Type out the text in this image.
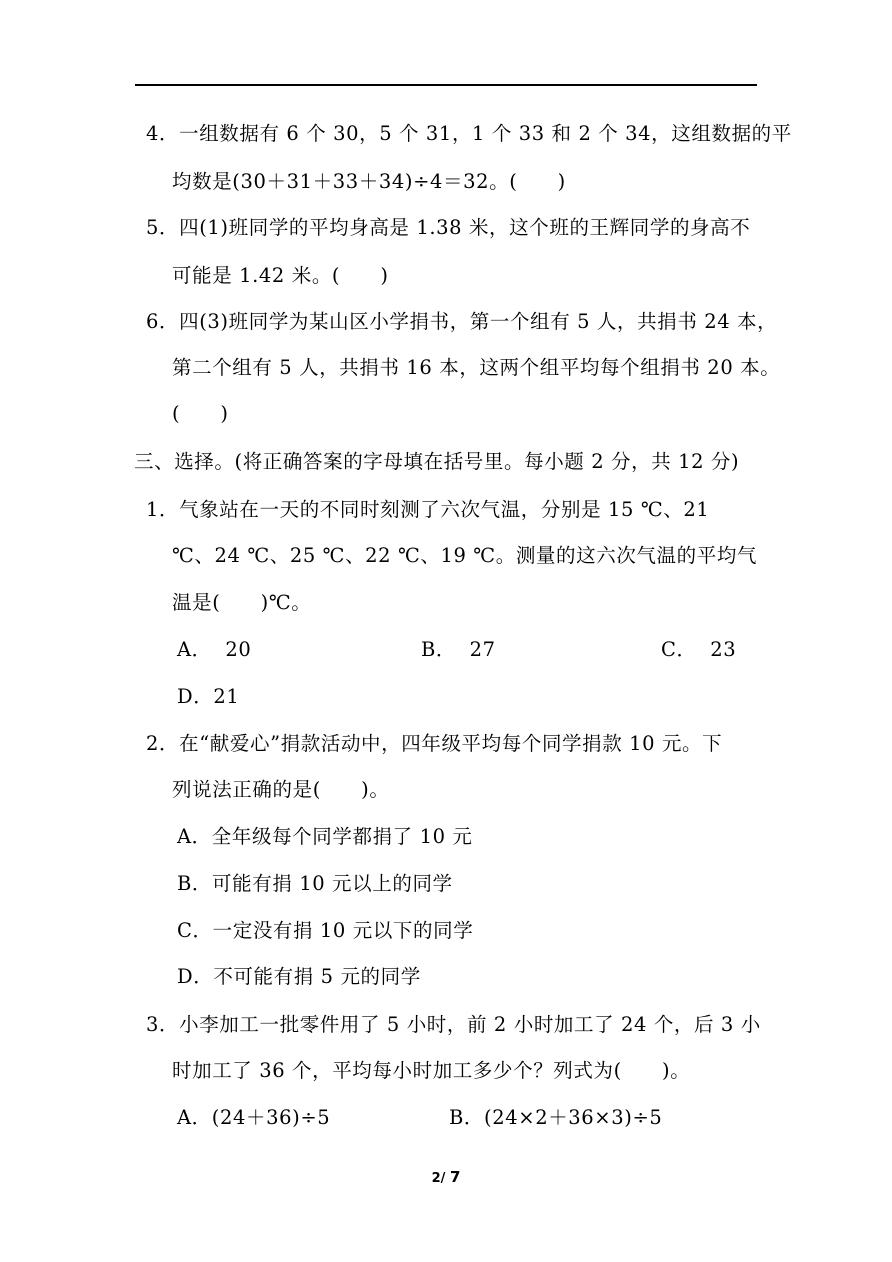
4．一组数据有 6 个 30，5 个 31，1 个 33 和 2 个 34，这组数据的平
均数是(30＋31＋33＋34)÷4＝32。(　　)
5．四(1)班同学的平均身高是 1.38 米，这个班的王辉同学的身高不
可能是 1.42 米。(　　)
6．四(3)班同学为某山区小学捐书，第一个组有 5 人，共捐书 24 本，
第二个组有 5 人，共捐书 16 本，这两个组平均每个组捐书 20 本。
(　　)
三、选择。(将正确答案的字母填在括号里。每小题 2 分，共 12 分)
1．气象站在一天的不同时刻测了六次气温，分别是 15 ℃、21
℃、24 ℃、25 ℃、22 ℃、19 ℃。测量的这六次气温的平均气
温是(　　)℃。
A．  20	B．  27	C．  23
D．21
2．在“献爱心”捐款活动中，四年级平均每个同学捐款 10 元。下
列说法正确的是(　　)。
A．全年级每个同学都捐了 10 元
B．可能有捐 10 元以上的同学
C．一定没有捐 10 元以下的同学
D．不可能有捐 5 元的同学
3．小李加工一批零件用了 5 小时，前 2 小时加工了 24 个，后 3 小
时加工了 36 个，平均每小时加工多少个？列式为(　　)。
A．(24＋36)÷5	B．(24×2＋36×3)÷5
2/ 7
